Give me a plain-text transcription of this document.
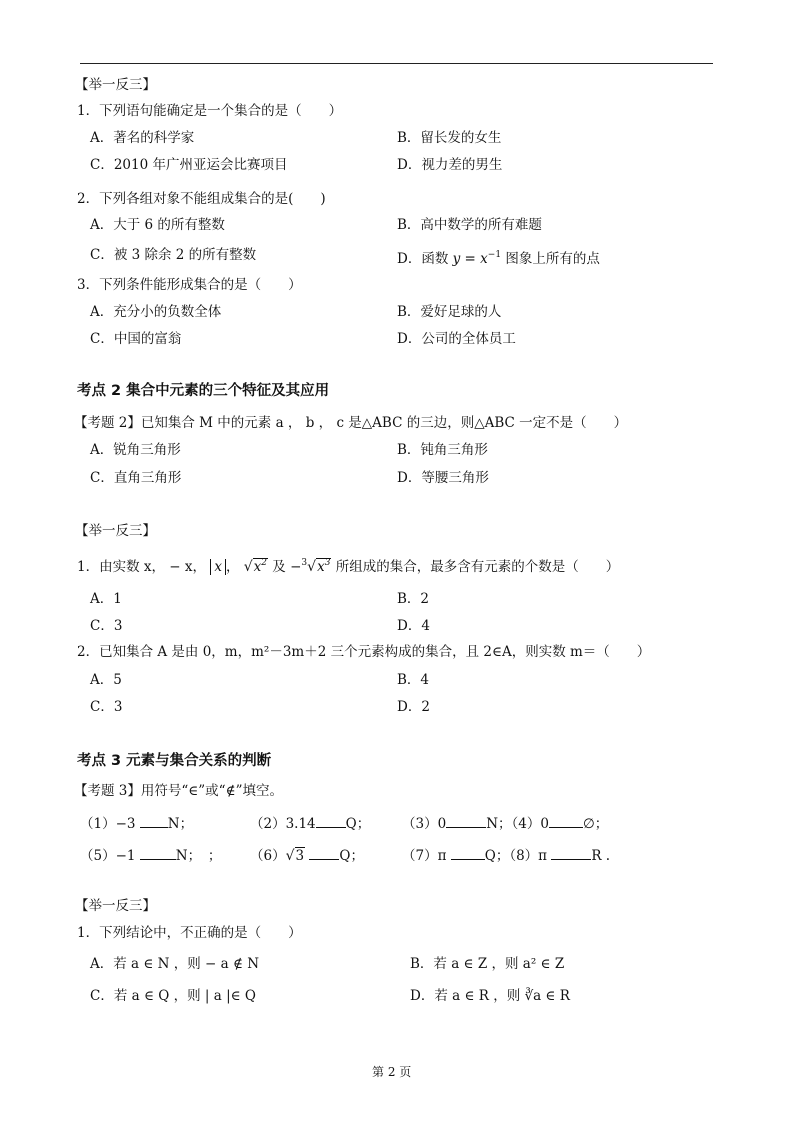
【举一反三】
1．下列语句能确定是一个集合的是（　　）
A．著名的科学家	B．留长发的女生
C．2010 年广州亚运会比赛项目	D．视力差的男生
2．下列各组对象不能组成集合的是(　　)
A．大于 6 的所有整数	B．高中数学的所有难题
C．被 3 除余 2 的所有整数	D．函数 $y = x^{-1}$ 图象上所有的点
3．下列条件能形成集合的是（　　）
A．充分小的负数全体	B．爱好足球的人
C．中国的富翁	D．公司的全体员工
考点 2 集合中元素的三个特征及其应用
【考题 2】已知集合 M 中的元素 a ， b ， c 是△ABC 的三边，则△ABC 一定不是（　　）
A．锐角三角形	B．钝角三角形
C．直角三角形	D．等腰三角形
【举一反三】
1．由实数 x， − x， x ， $√x^2$ 及 $-^3√x^3$ 所组成的集合，最多含有元素的个数是（　　）
A．1	B．2
C．3	D．4
2．已知集合 A 是由 0，m，m²－3m＋2 三个元素构成的集合，且 2∈A，则实数 m＝（　　）
A．5	B．4
C．3	D．2
考点 3 元素与集合关系的判断
【考题 3】用符号“∈”或“∉”填空。
（1）−3 N；	（2）3.14 Q； （3）0	N；（4）0	∅；
（5）−1	N；　； （6）√3	Q；	（7）π	Q；（8）π	R .
【举一反三】
1．下列结论中，不正确的是（　　）
A．若 a ∈ N ，则 − a ∉ N	B．若 a ∈ Z ，则 a² ∈ Z
C．若 a ∈ Q ，则 | a |∈ Q	D．若 a ∈ R ，则 ∛a ∈ R
第 2 页
